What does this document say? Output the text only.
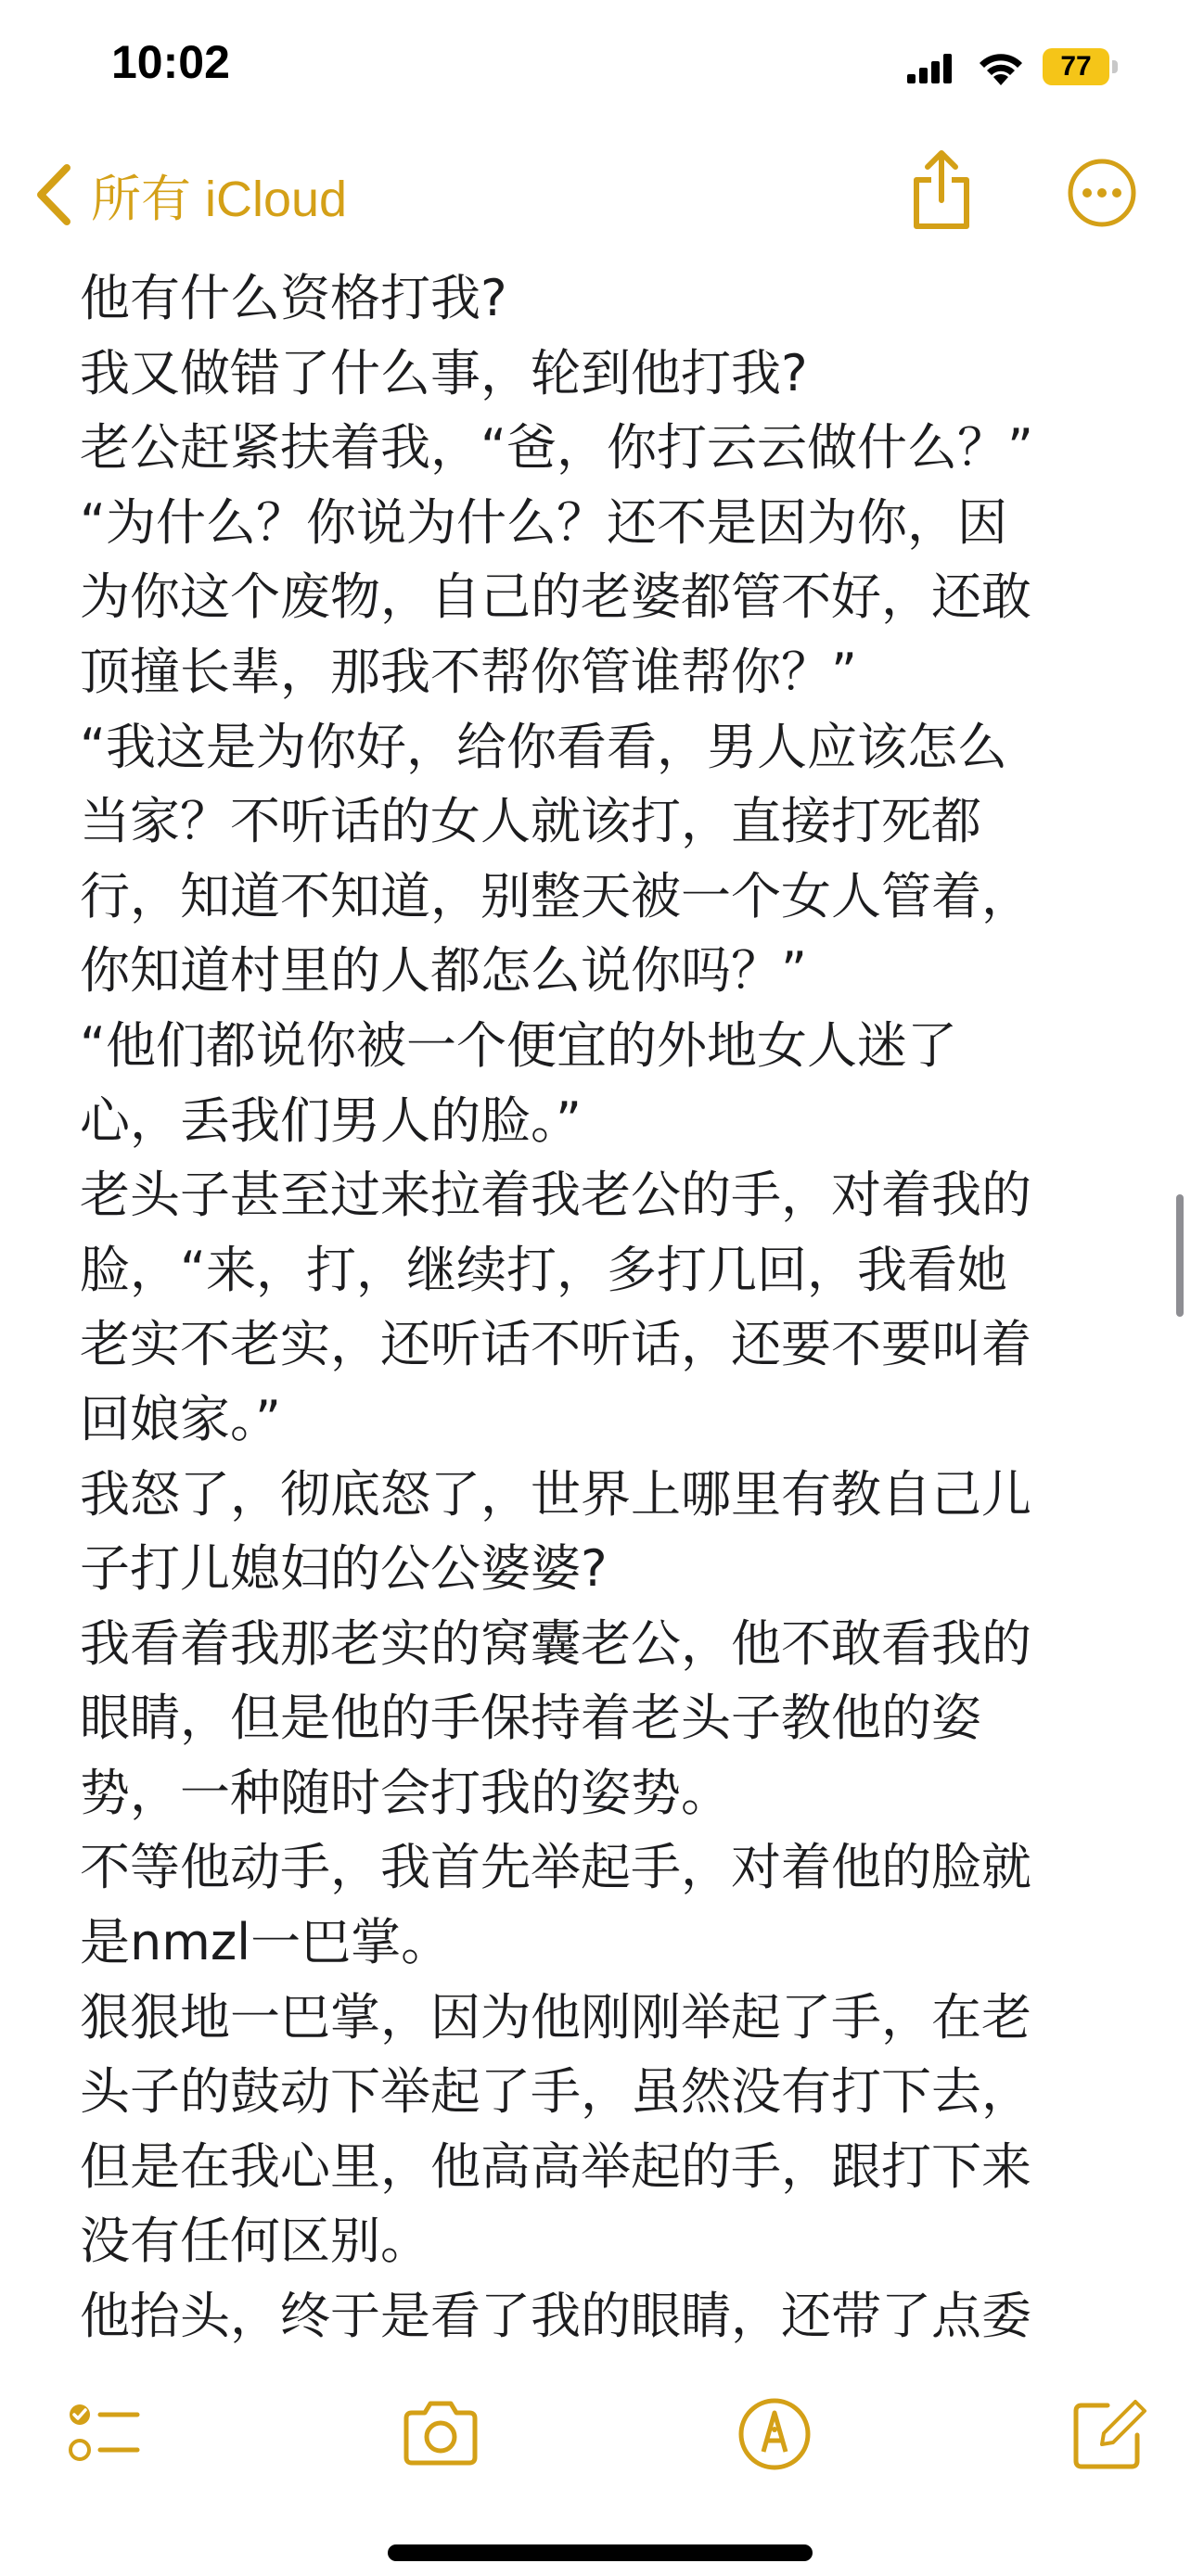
10:02	77
所有 iCloud
他有什么资格打我?
我又做错了什么事，轮到他打我?
老公赶紧扶着我，“爸，你打云云做什么？”
“为什么？你说为什么？还不是因为你，因
为你这个废物，自己的老婆都管不好，还敢
顶撞长辈，那我不帮你管谁帮你？”
“我这是为你好，给你看看，男人应该怎么
当家？不听话的女人就该打，直接打死都
行，知道不知道，别整天被一个女人管着，
你知道村里的人都怎么说你吗？”
“他们都说你被一个便宜的外地女人迷了
心，丢我们男人的脸。”
老头子甚至过来拉着我老公的手，对着我的
脸，“来，打，继续打，多打几回，我看她
老实不老实，还听话不听话，还要不要叫着
回娘家。”
我怒了，彻底怒了，世界上哪里有教自己儿
子打儿媳妇的公公婆婆?
我看着我那老实的窝囊老公，他不敢看我的
眼睛，但是他的手保持着老头子教他的姿
势，一种随时会打我的姿势。
不等他动手，我首先举起手，对着他的脸就
是nmzl一巴掌。
狠狠地一巴掌，因为他刚刚举起了手，在老
头子的鼓动下举起了手，虽然没有打下去，
但是在我心里，他高高举起的手，跟打下来
没有任何区别。
他抬头，终于是看了我的眼睛，还带了点委
